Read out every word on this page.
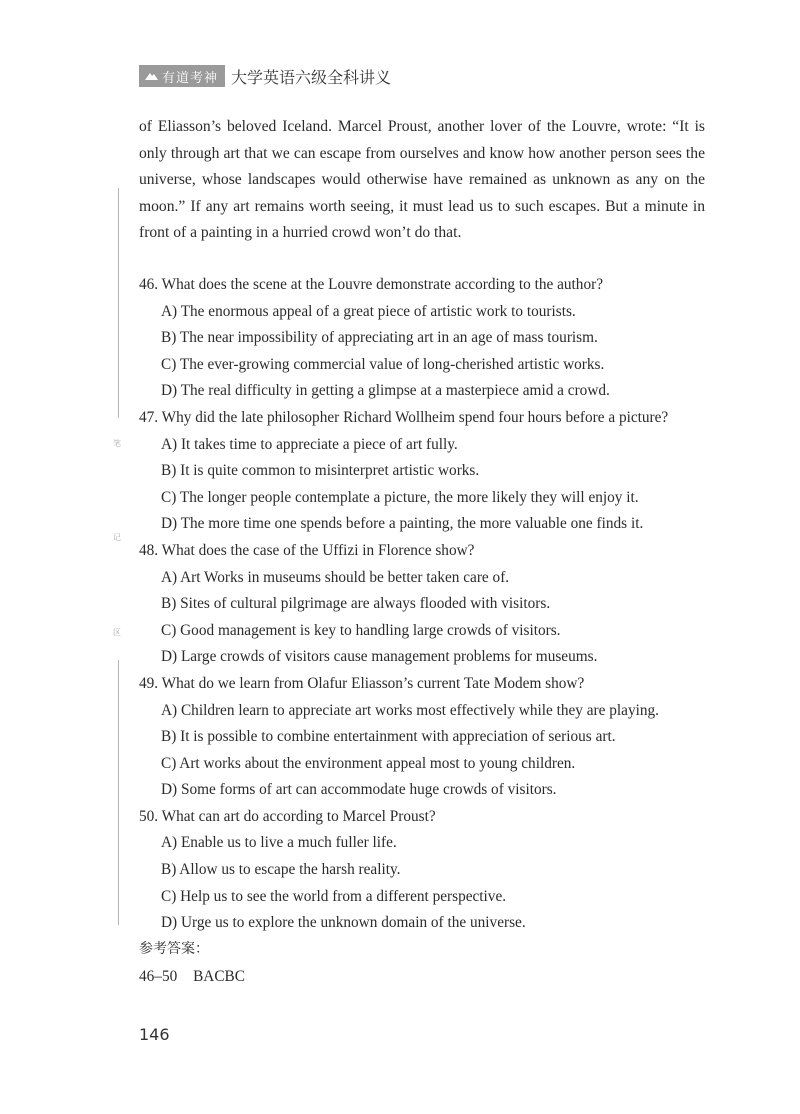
有道考神 大学英语六级全科讲义
笔
记
区

of Eliasson’s beloved Iceland. Marcel Proust, another lover of the Louvre, wrote: “It is only through art that we can escape from ourselves and know how another person sees the universe, whose landscapes would otherwise have remained as unknown as any on the moon.” If any art remains worth seeing, it must lead us to such escapes. But a minute in front of a painting in a hurried crowd won’t do that.

46. What does the scene at the Louvre demonstrate according to the author?
A) The enormous appeal of a great piece of artistic work to tourists.
B) The near impossibility of appreciating art in an age of mass tourism.
C) The ever-growing commercial value of long-cherished artistic works.
D) The real difficulty in getting a glimpse at a masterpiece amid a crowd.
47. Why did the late philosopher Richard Wollheim spend four hours before a picture?
A) It takes time to appreciate a piece of art fully.
B) It is quite common to misinterpret artistic works.
C) The longer people contemplate a picture, the more likely they will enjoy it.
D) The more time one spends before a painting, the more valuable one finds it.
48. What does the case of the Uffizi in Florence show?
A) Art Works in museums should be better taken care of.
B) Sites of cultural pilgrimage are always flooded with visitors.
C) Good management is key to handling large crowds of visitors.
D) Large crowds of visitors cause management problems for museums.
49. What do we learn from Olafur Eliasson’s current Tate Modem show?
A) Children learn to appreciate art works most effectively while they are playing.
B) It is possible to combine entertainment with appreciation of serious art.
C) Art works about the environment appeal most to young children.
D) Some forms of art can accommodate huge crowds of visitors.
50. What can art do according to Marcel Proust?
A) Enable us to live a much fuller life.
B) Allow us to escape the harsh reality.
C) Help us to see the world from a different perspective.
D) Urge us to explore the unknown domain of the universe.
参考答案：
46–50 BACBC
146
